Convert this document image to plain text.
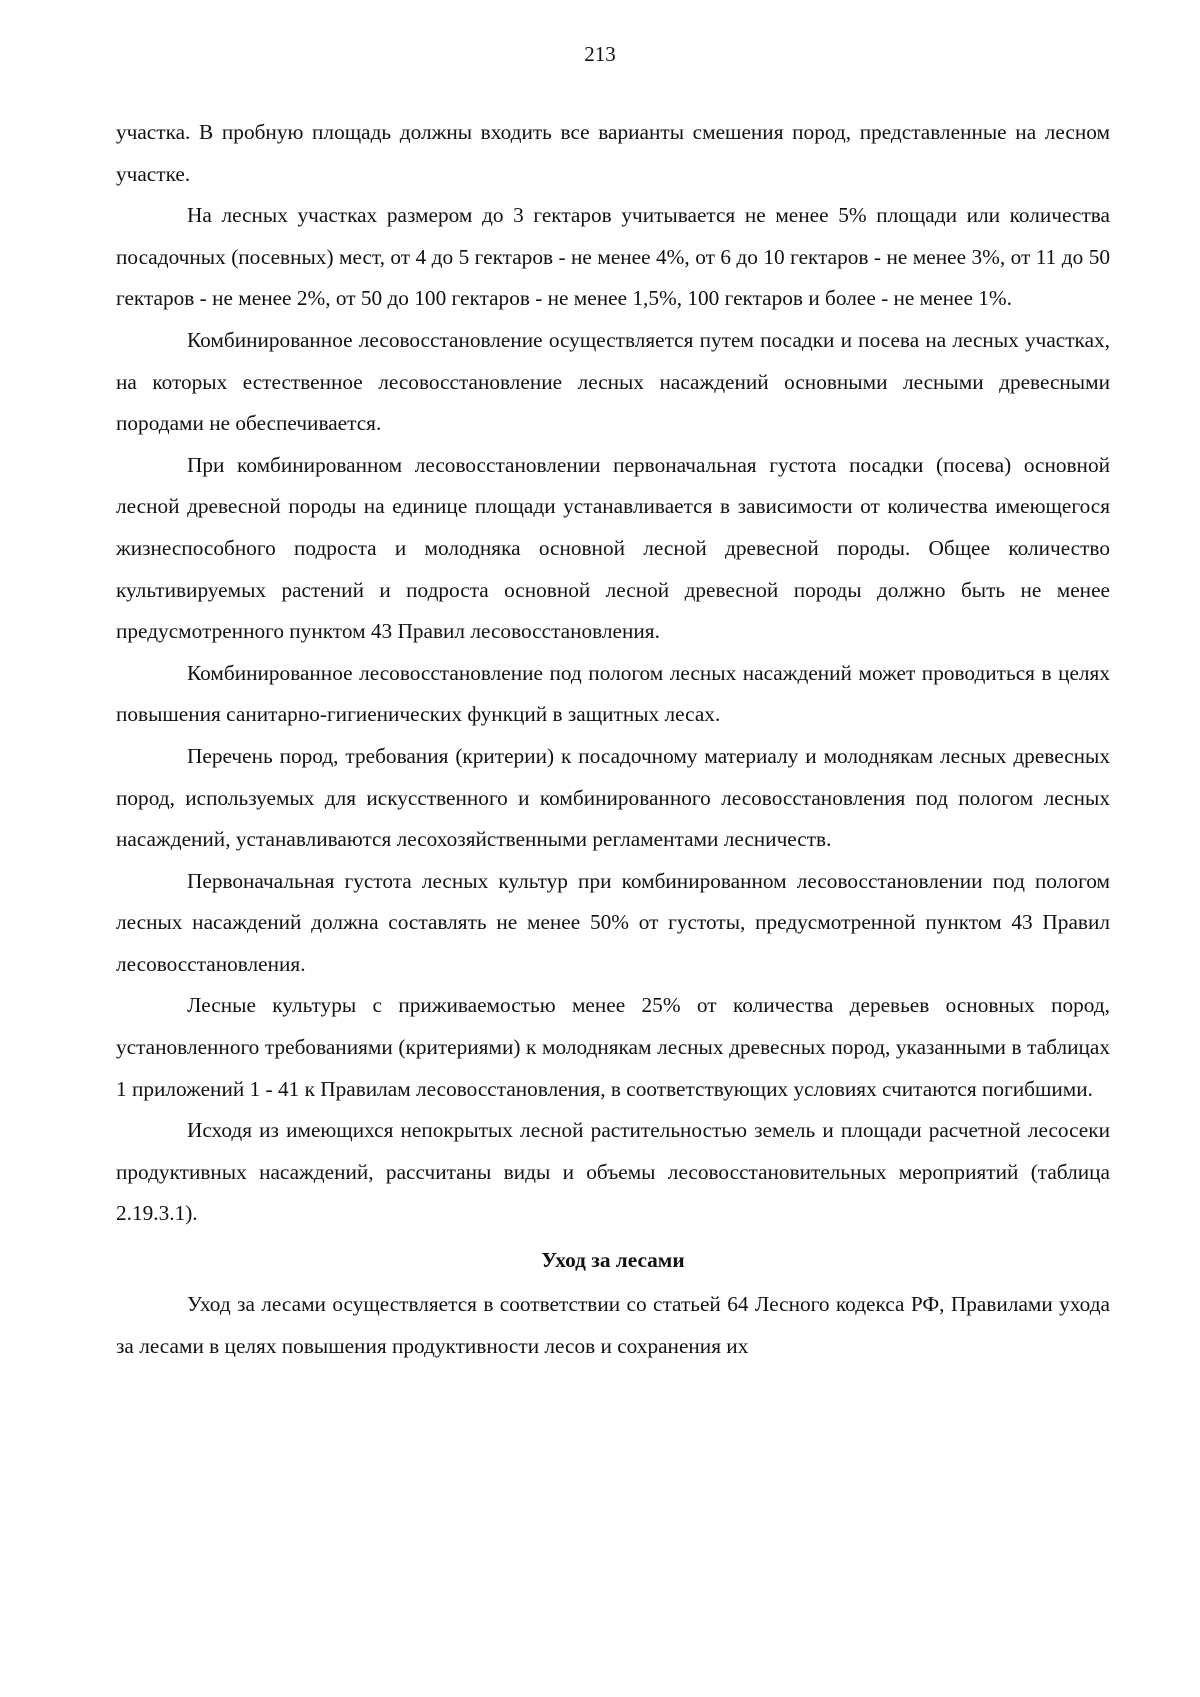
213

участка. В пробную площадь должны входить все варианты смешения пород, представленные на лесном участке.

На лесных участках размером до 3 гектаров учитывается не менее 5% площади или количества посадочных (посевных) мест, от 4 до 5 гектаров - не менее 4%, от 6 до 10 гектаров - не менее 3%, от 11 до 50 гектаров - не менее 2%, от 50 до 100 гектаров - не менее 1,5%, 100 гектаров и более - не менее 1%.

Комбинированное лесовосстановление осуществляется путем посадки и посева на лесных участках, на которых естественное лесовосстановление лесных насаждений основными лесными древесными породами не обеспечивается.

При комбинированном лесовосстановлении первоначальная густота посадки (посева) основной лесной древесной породы на единице площади устанавливается в зависимости от количества имеющегося жизнеспособного подроста и молодняка основной лесной древесной породы. Общее количество культивируемых растений и подроста основной лесной древесной породы должно быть не менее предусмотренного пунктом 43 Правил лесовосстановления.

Комбинированное лесовосстановление под пологом лесных насаждений может проводиться в целях повышения санитарно-гигиенических функций в защитных лесах.

Перечень пород, требования (критерии) к посадочному материалу и молоднякам лесных древесных пород, используемых для искусственного и комбинированного лесовосстановления под пологом лесных насаждений, устанавливаются лесохозяйственными регламентами лесничеств.

Первоначальная густота лесных культур при комбинированном лесовосстановлении под пологом лесных насаждений должна составлять не менее 50% от густоты, предусмотренной пунктом 43 Правил лесовосстановления.

Лесные культуры с приживаемостью менее 25% от количества деревьев основных пород, установленного требованиями (критериями) к молоднякам лесных древесных пород, указанными в таблицах 1 приложений 1 - 41 к Правилам лесовосстановления, в соответствующих условиях считаются погибшими.

Исходя из имеющихся непокрытых лесной растительностью земель и площади расчетной лесосеки продуктивных насаждений, рассчитаны виды и объемы лесовосстановительных мероприятий (таблица 2.19.3.1).

Уход за лесами

Уход за лесами осуществляется в соответствии со статьей 64 Лесного кодекса РФ, Правилами ухода за лесами в целях повышения продуктивности лесов и сохранения их
